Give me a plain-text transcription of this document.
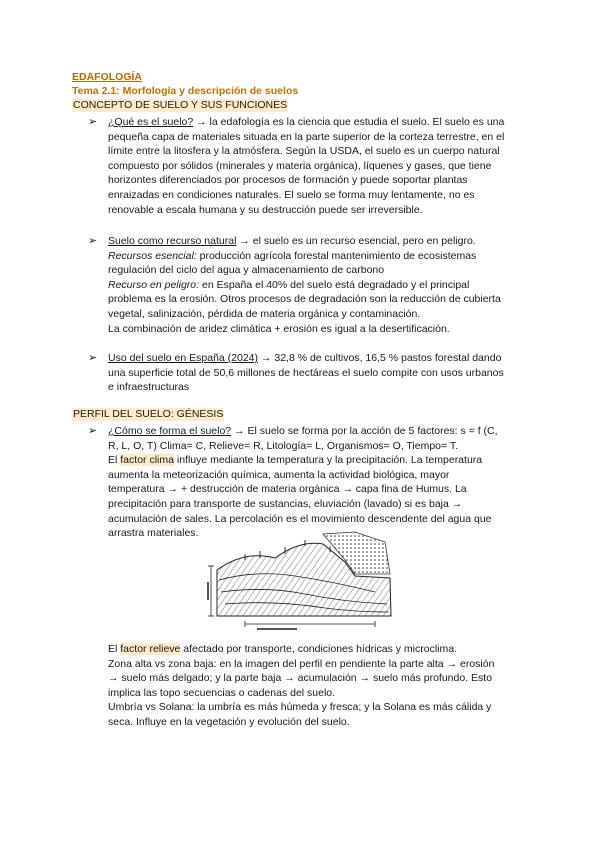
EDAFOLOGÍA
Tema 2.1: Morfología y descripción de suelos
CONCEPTO DE SUELO Y SUS FUNCIONES
➢ ¿Qué es el suelo? → la edafología es la ciencia que estudia el suelo. El suelo es una
pequeña capa de materiales situada en la parte superior de la corteza terrestre, en el
límite entre la litosfera y la atmósfera. Según la USDA, el suelo es un cuerpo natural
compuesto por sólidos (minerales y materia orgánica), líquenes y gases, que tiene
horizontes diferenciados por procesos de formación y puede soportar plantas
enraizadas en condiciones naturales. El suelo se forma muy lentamente, no es
renovable a escala humana y su destrucción puede ser irreversible.
➢ Suelo como recurso natural → el suelo es un recurso esencial, pero en peligro.
Recursos esencial: producción agrícola forestal mantenimiento de ecosistemas
regulación del ciclo del agua y almacenamiento de carbono
Recurso en peligro: en España el 40% del suelo está degradado y el principal
problema es la erosión. Otros procesos de degradación son la reducción de cubierta
vegetal, salinización, pérdida de materia orgánica y contaminación.
La combinación de aridez climática + erosión es igual a la desertificación.
➢ Uso del suelo en España (2024) → 32,8 % de cultivos, 16,5 % pastos forestal dando
una superficie total de 50,6 millones de hectáreas el suelo compite con usos urbanos
e infraestructuras
PERFIL DEL SUELO: GÉNESIS
➢ ¿Cómo se forma el suelo? → El suelo se forma por la acción de 5 factores: s = f (C,
R, L, O, T) Clima= C, Relieve= R, Litología= L, Organismos= O, Tiempo= T.
El factor clima influye mediante la temperatura y la precipitación. La temperatura
aumenta la meteorización química, aumenta la actividad biológica, mayor
temperatura → + destrucción de materia orgánica → capa fina de Humus. La
precipitación para transporte de sustancias, eluviación (lavado) si es baja →
acumulación de sales. La percolación es el movimiento descendente del agua que
arrastra materiales.
El factor relieve afectado por transporte, condiciones hídricas y microclima.
Zona alta vs zona baja: en la imagen del perfil en pendiente la parte alta → erosión
→ suelo más delgado; y la parte baja → acumulación → suelo más profundo. Esto
implica las topo secuencias o cadenas del suelo.
Umbría vs Solana: la umbría es más húmeda y fresca; y la Solana es más cálida y
seca. Influye en la vegetación y evolución del suelo.
